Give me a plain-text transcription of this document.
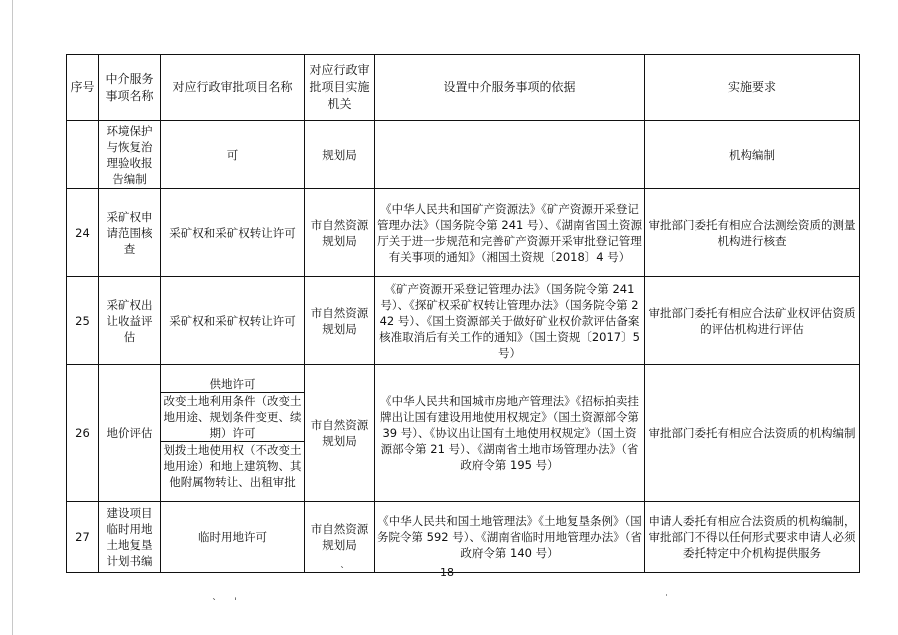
序号	中介服务事项名称	对应行政审批项目名称	对应行政审批项目实施机关	设置中介服务事项的依据	实施要求
	环境保护与恢复治理验收报告编制	可	规划局		机构编制
24	采矿权申请范围核查	采矿权和采矿权转让许可	市自然资源规划局	《中华人民共和国矿产资源法》《矿产资源开采登记管理办法》（国务院令第 241 号）、《湖南省国土资源厅关于进一步规范和完善矿产资源开采审批登记管理有关事项的通知》（湘国土资规〔2018〕4 号）	审批部门委托有相应合法测绘资质的测量机构进行核查
25	采矿权出让收益评估	采矿权和采矿权转让许可	市自然资源规划局	《矿产资源开采登记管理办法》（国务院令第 241 号）、《探矿权采矿权转让管理办法》（国务院令第 242 号）、《国土资源部关于做好矿业权价款评估备案核准取消后有关工作的通知》（国土资规〔2017〕5 号）	审批部门委托有相应合法矿业权评估资质的评估机构进行评估
26	地价评估	供地许可
改变土地利用条件（改变土地用途、规划条件变更、续期）许可
划拨土地使用权（不改变土地用途）和地上建筑物、其他附属物转让、出租审批	市自然资源规划局	《中华人民共和国城市房地产管理法》《招标拍卖挂牌出让国有建设用地使用权规定》（国土资源部令第 39 号）、《协议出让国有土地使用权规定》（国土资源部令第 21 号）、《湖南省土地市场管理办法》（省政府令第 195 号）	审批部门委托有相应合法资质的机构编制
27	建设项目临时用地土地复垦计划书编	临时用地许可	市自然资源规划局	《中华人民共和国土地管理法》《土地复垦条例》（国务院令第 592 号）、《湖南省临时用地管理办法》（省政府令第 140 号）	申请人委托有相应合法资质的机构编制，审批部门不得以任何形式要求申请人必须委托特定中介机构提供服务
18
ˋ
ˋ ˈ	˙
